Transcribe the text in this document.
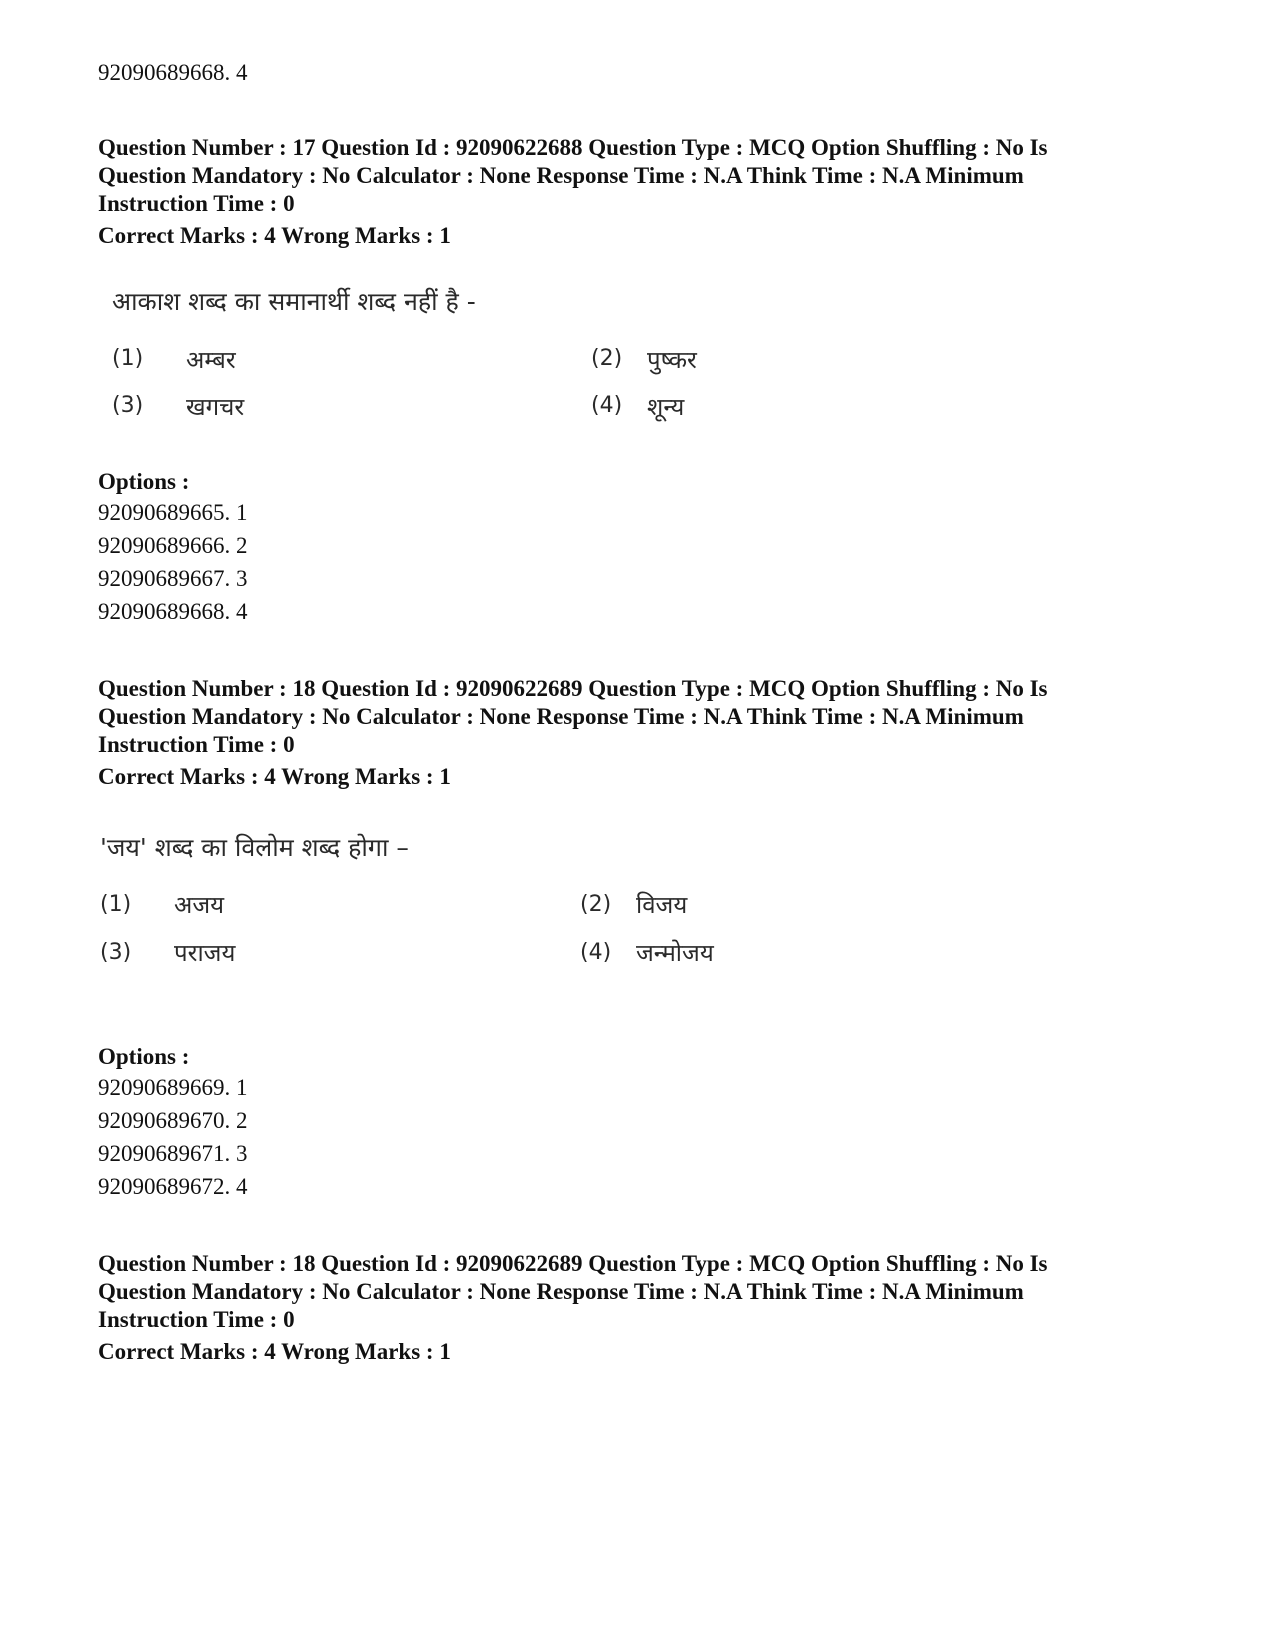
92090689668. 4
Question Number : 17 Question Id : 92090622688 Question Type : MCQ Option Shuffling : No Is
Question Mandatory : No Calculator : None Response Time : N.A Think Time : N.A Minimum
Instruction Time : 0
Correct Marks : 4 Wrong Marks : 1
आकाश शब्द का समानार्थी शब्द नहीं है -
(1) अम्बर	(2) पुष्कर
(3) खगचर	(4) शून्य
Options :
92090689665. 1
92090689666. 2
92090689667. 3
92090689668. 4
Question Number : 18 Question Id : 92090622689 Question Type : MCQ Option Shuffling : No Is
Question Mandatory : No Calculator : None Response Time : N.A Think Time : N.A Minimum
Instruction Time : 0
Correct Marks : 4 Wrong Marks : 1
'जय' शब्द का विलोम शब्द होगा –
(1) अजय	(2) विजय
(3) पराजय	(4) जन्मोजय
Options :
92090689669. 1
92090689670. 2
92090689671. 3
92090689672. 4
Question Number : 18 Question Id : 92090622689 Question Type : MCQ Option Shuffling : No Is
Question Mandatory : No Calculator : None Response Time : N.A Think Time : N.A Minimum
Instruction Time : 0
Correct Marks : 4 Wrong Marks : 1
